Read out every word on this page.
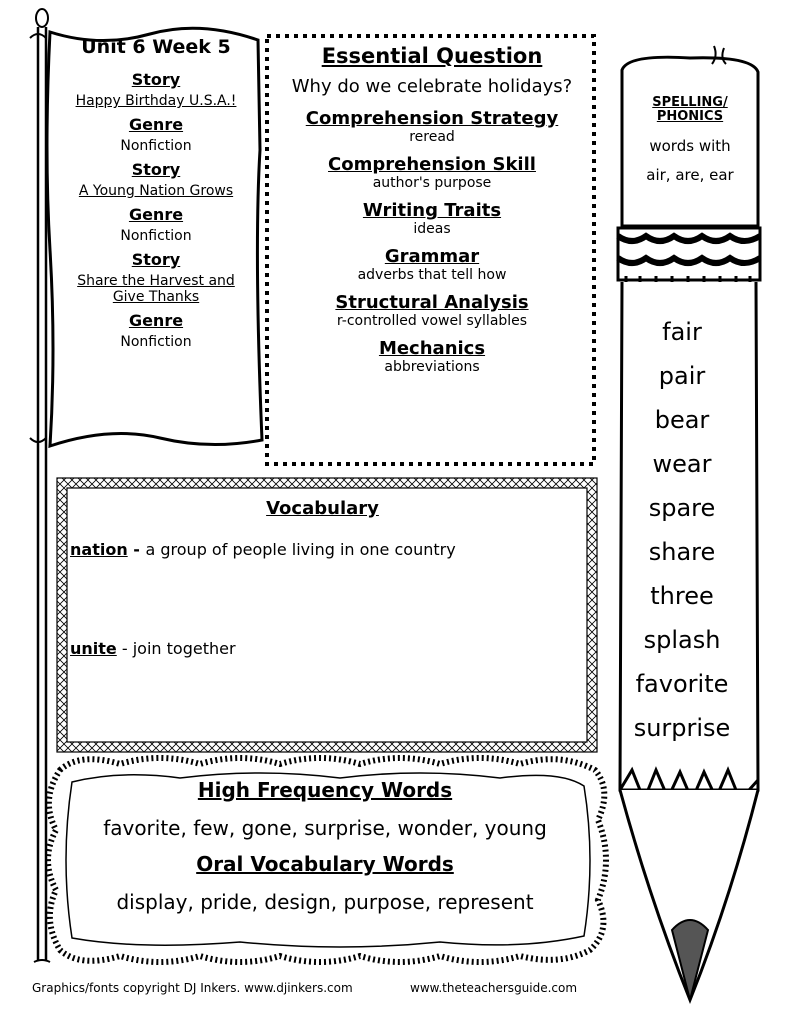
Unit 6 Week 5
Story
Happy Birthday U.S.A.!
Genre
Nonfiction
Story
A Young Nation Grows
Genre
Nonfiction
Story
Share the Harvest and Give Thanks
Genre
Nonfiction
Essential Question
Why do we celebrate holidays?
Comprehension Strategy
reread
Comprehension Skill
author's purpose
Writing Traits
ideas
Grammar
adverbs that tell how
Structural Analysis
r-controlled vowel syllables
Mechanics
abbreviations
Vocabulary
nation - a group of people living in one country
unite - join together
High Frequency Words
favorite, few, gone, surprise, wonder, young
Oral Vocabulary Words
display, pride, design, purpose, represent
SPELLING/
PHONICS
words with
air, are, ear
fair
pair
bear
wear
spare
share
three
splash
favorite
surprise
Graphics/fonts copyright DJ Inkers. www.djinkers.com	www.theteachersguide.com
